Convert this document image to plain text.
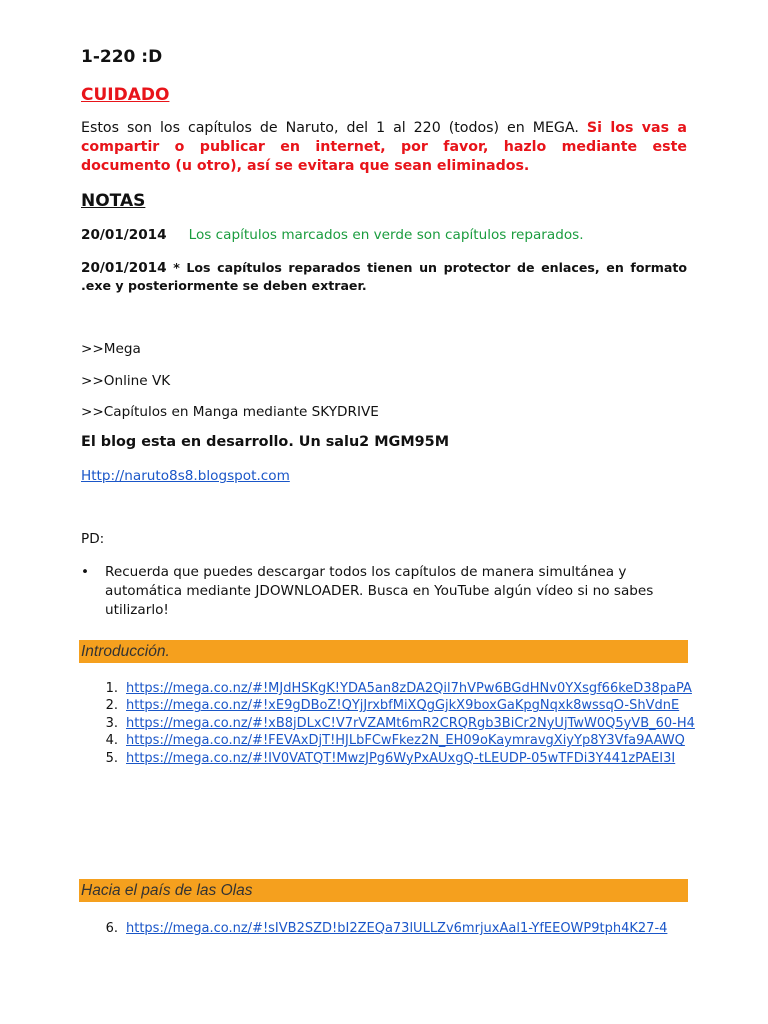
1-220 :D
CUIDADO
Estos son los capítulos de Naruto, del 1 al 220 (todos) en MEGA. Si los vas a compartir o publicar en internet, por favor, hazlo mediante este documento (u otro), así se evitara que sean eliminados.
NOTAS
20/01/2014 Los capítulos marcados en verde son capítulos reparados.
20/01/2014 * Los capítulos reparados tienen un protector de enlaces, en formato .exe y posteriormente se deben extraer.
>>Mega
>>Online VK
>>Capítulos en Manga mediante SKYDRIVE
El blog esta en desarrollo. Un salu2 MGM95M
Http://naruto8s8.blogspot.com
PD:
• Recuerda que puedes descargar todos los capítulos de manera simultánea y automática mediante JDOWNLOADER. Busca en YouTube algún vídeo si no sabes utilizarlo!
Introducción.
1. https://mega.co.nz/#!MJdHSKgK!YDA5an8zDA2Qil7hVPw6BGdHNv0YXsgf66keD38paPA
2. https://mega.co.nz/#!xE9gDBoZ!QYjJrxbfMiXQgGjkX9boxGaKpgNqxk8wssqO-ShVdnE
3. https://mega.co.nz/#!xB8jDLxC!V7rVZAMt6mR2CRQRgb3BiCr2NyUjTwW0Q5yVB_60-H4
4. https://mega.co.nz/#!FEVAxDjT!HJLbFCwFkez2N_EH09oKaymravgXiyYp8Y3Vfa9AAWQ
5. https://mega.co.nz/#!IV0VATQT!MwzJPg6WyPxAUxgQ-tLEUDP-05wTFDi3Y441zPAEI3I
Hacia el país de las Olas
6. https://mega.co.nz/#!sIVB2SZD!bI2ZEQa73lULLZv6mrjuxAal1-YfEEOWP9tph4K27-4
